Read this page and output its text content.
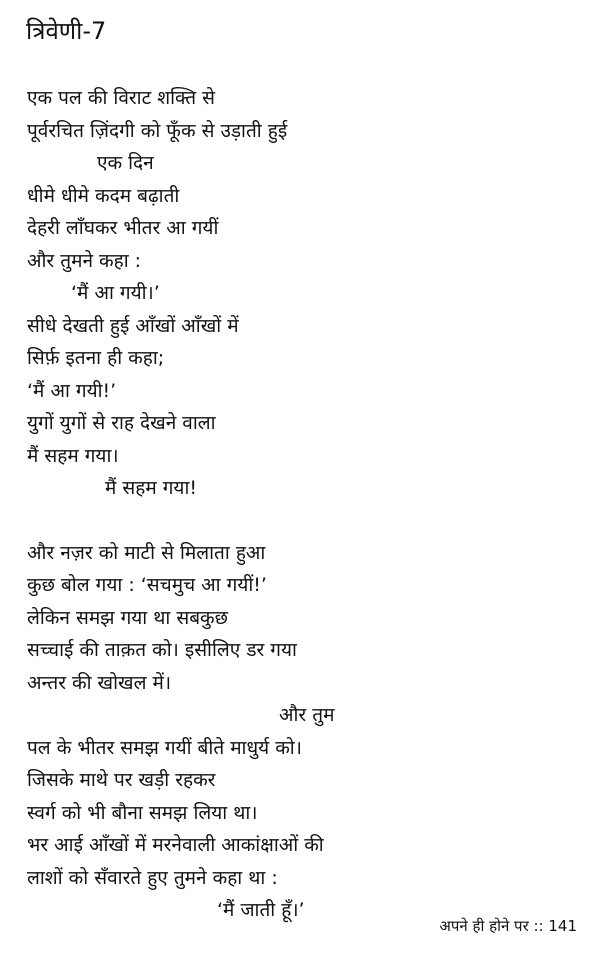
त्रिवेणी-7
एक पल की विराट शक्ति से
पूर्वरचित ज़िंदगी को फूँक से उड़ाती हुई
एक दिन
धीमे धीमे कदम बढ़ाती
देहरी लाँघकर भीतर आ गयीं
और तुमने कहा :
‘मैं आ गयी।’
सीधे देखती हुई आँखों आँखों में
सिर्फ़ इतना ही कहा;
‘मैं आ गयी!’
युगों युगों से राह देखने वाला
मैं सहम गया।
मैं सहम गया!
और नज़र को माटी से मिलाता हुआ
कुछ बोल गया : ‘सचमुच आ गयीं!’
लेकिन समझ गया था सबकुछ
सच्चाई की ताक़त को। इसीलिए डर गया
अन्तर की खोखल में।
और तुम
पल के भीतर समझ गयीं बीते माधुर्य को।
जिसके माथे पर खड़ी रहकर
स्वर्ग को भी बौना समझ लिया था।
भर आई आँखों में मरनेवाली आकांक्षाओं की
लाशों को सँवारते हुए तुमने कहा था :
‘मैं जाती हूँ।’
अपने ही होने पर :: 141
